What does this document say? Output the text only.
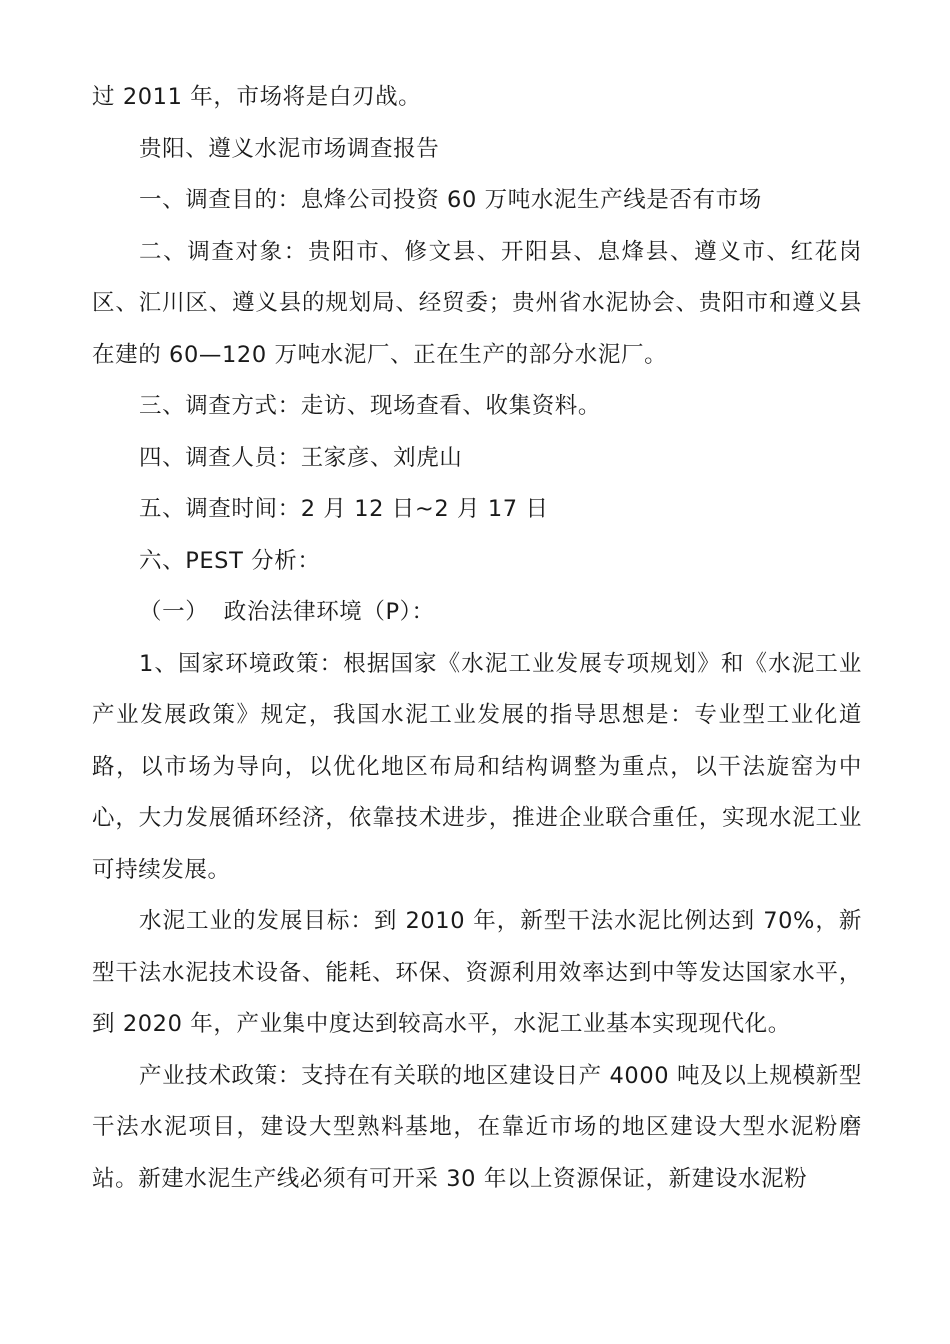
过 2011 年，市场将是白刃战。

贵阳、遵义水泥市场调查报告

一、调查目的：息烽公司投资 60 万吨水泥生产线是否有市场

二、调查对象：贵阳市、修文县、开阳县、息烽县、遵义市、红花岗区、汇川区、遵义县的规划局、经贸委；贵州省水泥协会、贵阳市和遵义县在建的 60—120 万吨水泥厂、正在生产的部分水泥厂。

三、调查方式：走访、现场查看、收集资料。

四、调查人员：王家彦、刘虎山

五、调查时间：2 月 12 日~2 月 17 日

六、PEST 分析：

（一）  政治法律环境（P）：

1、国家环境政策：根据国家《水泥工业发展专项规划》和《水泥工业产业发展政策》规定，我国水泥工业发展的指导思想是：专业型工业化道路，以市场为导向，以优化地区布局和结构调整为重点，以干法旋窑为中心，大力发展循环经济，依靠技术进步，推进企业联合重任，实现水泥工业可持续发展。

水泥工业的发展目标：到 2010 年，新型干法水泥比例达到 70%，新型干法水泥技术设备、能耗、环保、资源利用效率达到中等发达国家水平，到 2020 年，产业集中度达到较高水平，水泥工业基本实现现代化。

产业技术政策：支持在有关联的地区建设日产 4000 吨及以上规模新型干法水泥项目，建设大型熟料基地，在靠近市场的地区建设大型水泥粉磨站。新建水泥生产线必须有可开采 30 年以上资源保证，新建设水泥粉
